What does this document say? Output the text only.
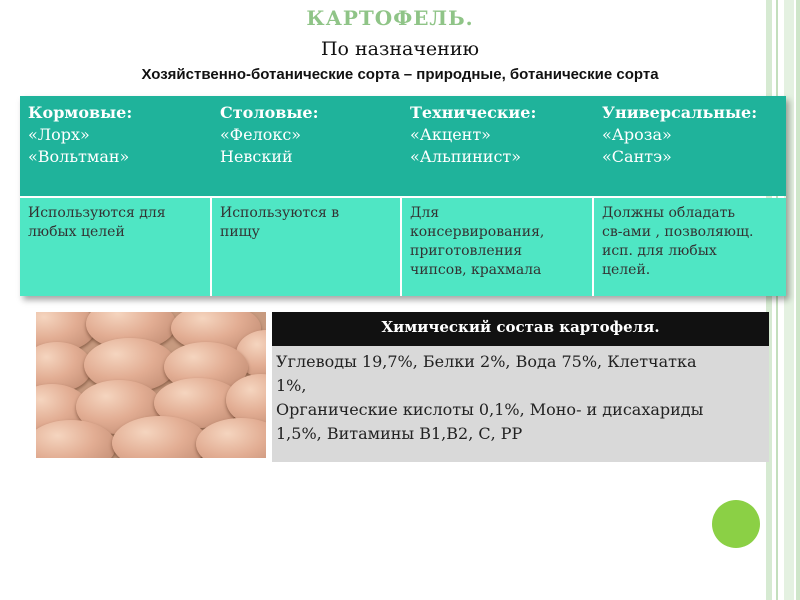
КАРТОФЕЛЬ.
По назначению
Хозяйственно-ботанические сорта – природные, ботанические сорта
Кормовые:
«Лорх»
«Вольтман»
Столовые:
«Фелокс»
Невский
Технические:
«Акцент»
«Альпинист»
Универсальные:
«Ароза»
«Сантэ»
Используются для
любых целей
Используются в
пищу
Для
консервирования,
приготовления
чипсов, крахмала
Должны обладать
св-ами , позволяющ.
исп. для любых
целей.
Химический состав картофеля.
Углеводы 19,7%, Белки 2%, Вода 75%, Клетчатка
1%,
Органические кислоты 0,1%, Моно- и дисахариды
1,5%, Витамины В1,В2, С, РР
